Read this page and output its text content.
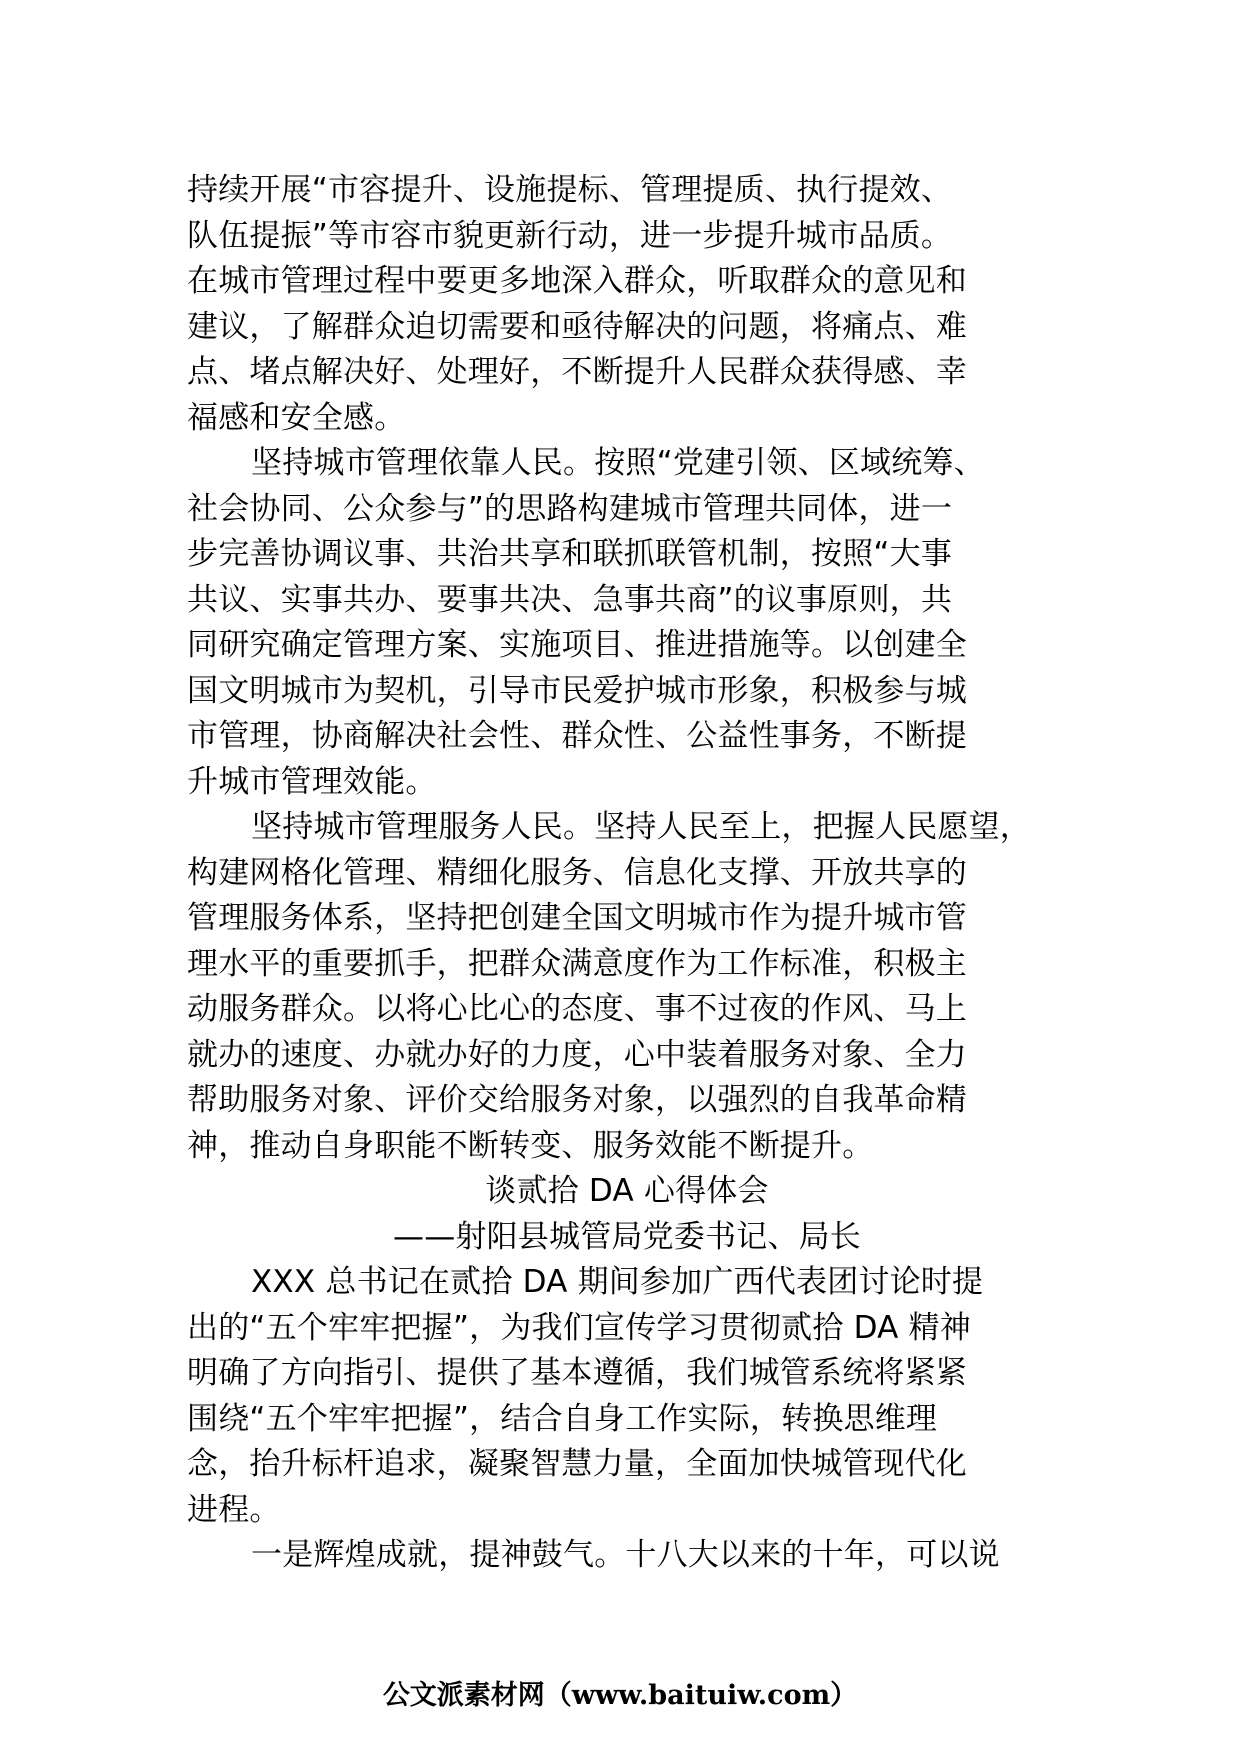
持续开展“市容提升、设施提标、管理提质、执行提效、
队伍提振”等市容市貌更新行动，进一步提升城市品质。
在城市管理过程中要更多地深入群众，听取群众的意见和
建议，了解群众迫切需要和亟待解决的问题，将痛点、难
点、堵点解决好、处理好，不断提升人民群众获得感、幸
福感和安全感。
坚持城市管理依靠人民。按照“党建引领、区域统筹、
社会协同、公众参与”的思路构建城市管理共同体，进一
步完善协调议事、共治共享和联抓联管机制，按照“大事
共议、实事共办、要事共决、急事共商”的议事原则，共
同研究确定管理方案、实施项目、推进措施等。以创建全
国文明城市为契机，引导市民爱护城市形象，积极参与城
市管理，协商解决社会性、群众性、公益性事务，不断提
升城市管理效能。
坚持城市管理服务人民。坚持人民至上，把握人民愿望，
构建网格化管理、精细化服务、信息化支撑、开放共享的
管理服务体系，坚持把创建全国文明城市作为提升城市管
理水平的重要抓手，把群众满意度作为工作标准，积极主
动服务群众。以将心比心的态度、事不过夜的作风、马上
就办的速度、办就办好的力度，心中装着服务对象、全力
帮助服务对象、评价交给服务对象，以强烈的自我革命精
神，推动自身职能不断转变、服务效能不断提升。
谈贰拾 DA 心得体会
——射阳县城管局党委书记、局长
XXX 总书记在贰拾 DA 期间参加广西代表团讨论时提
出的“五个牢牢把握”，为我们宣传学习贯彻贰拾 DA 精神
明确了方向指引、提供了基本遵循，我们城管系统将紧紧
围绕“五个牢牢把握”，结合自身工作实际，转换思维理
念，抬升标杆追求，凝聚智慧力量，全面加快城管现代化
进程。
一是辉煌成就，提神鼓气。十八大以来的十年，可以说
公文派素材网（www.baituiw.com）
